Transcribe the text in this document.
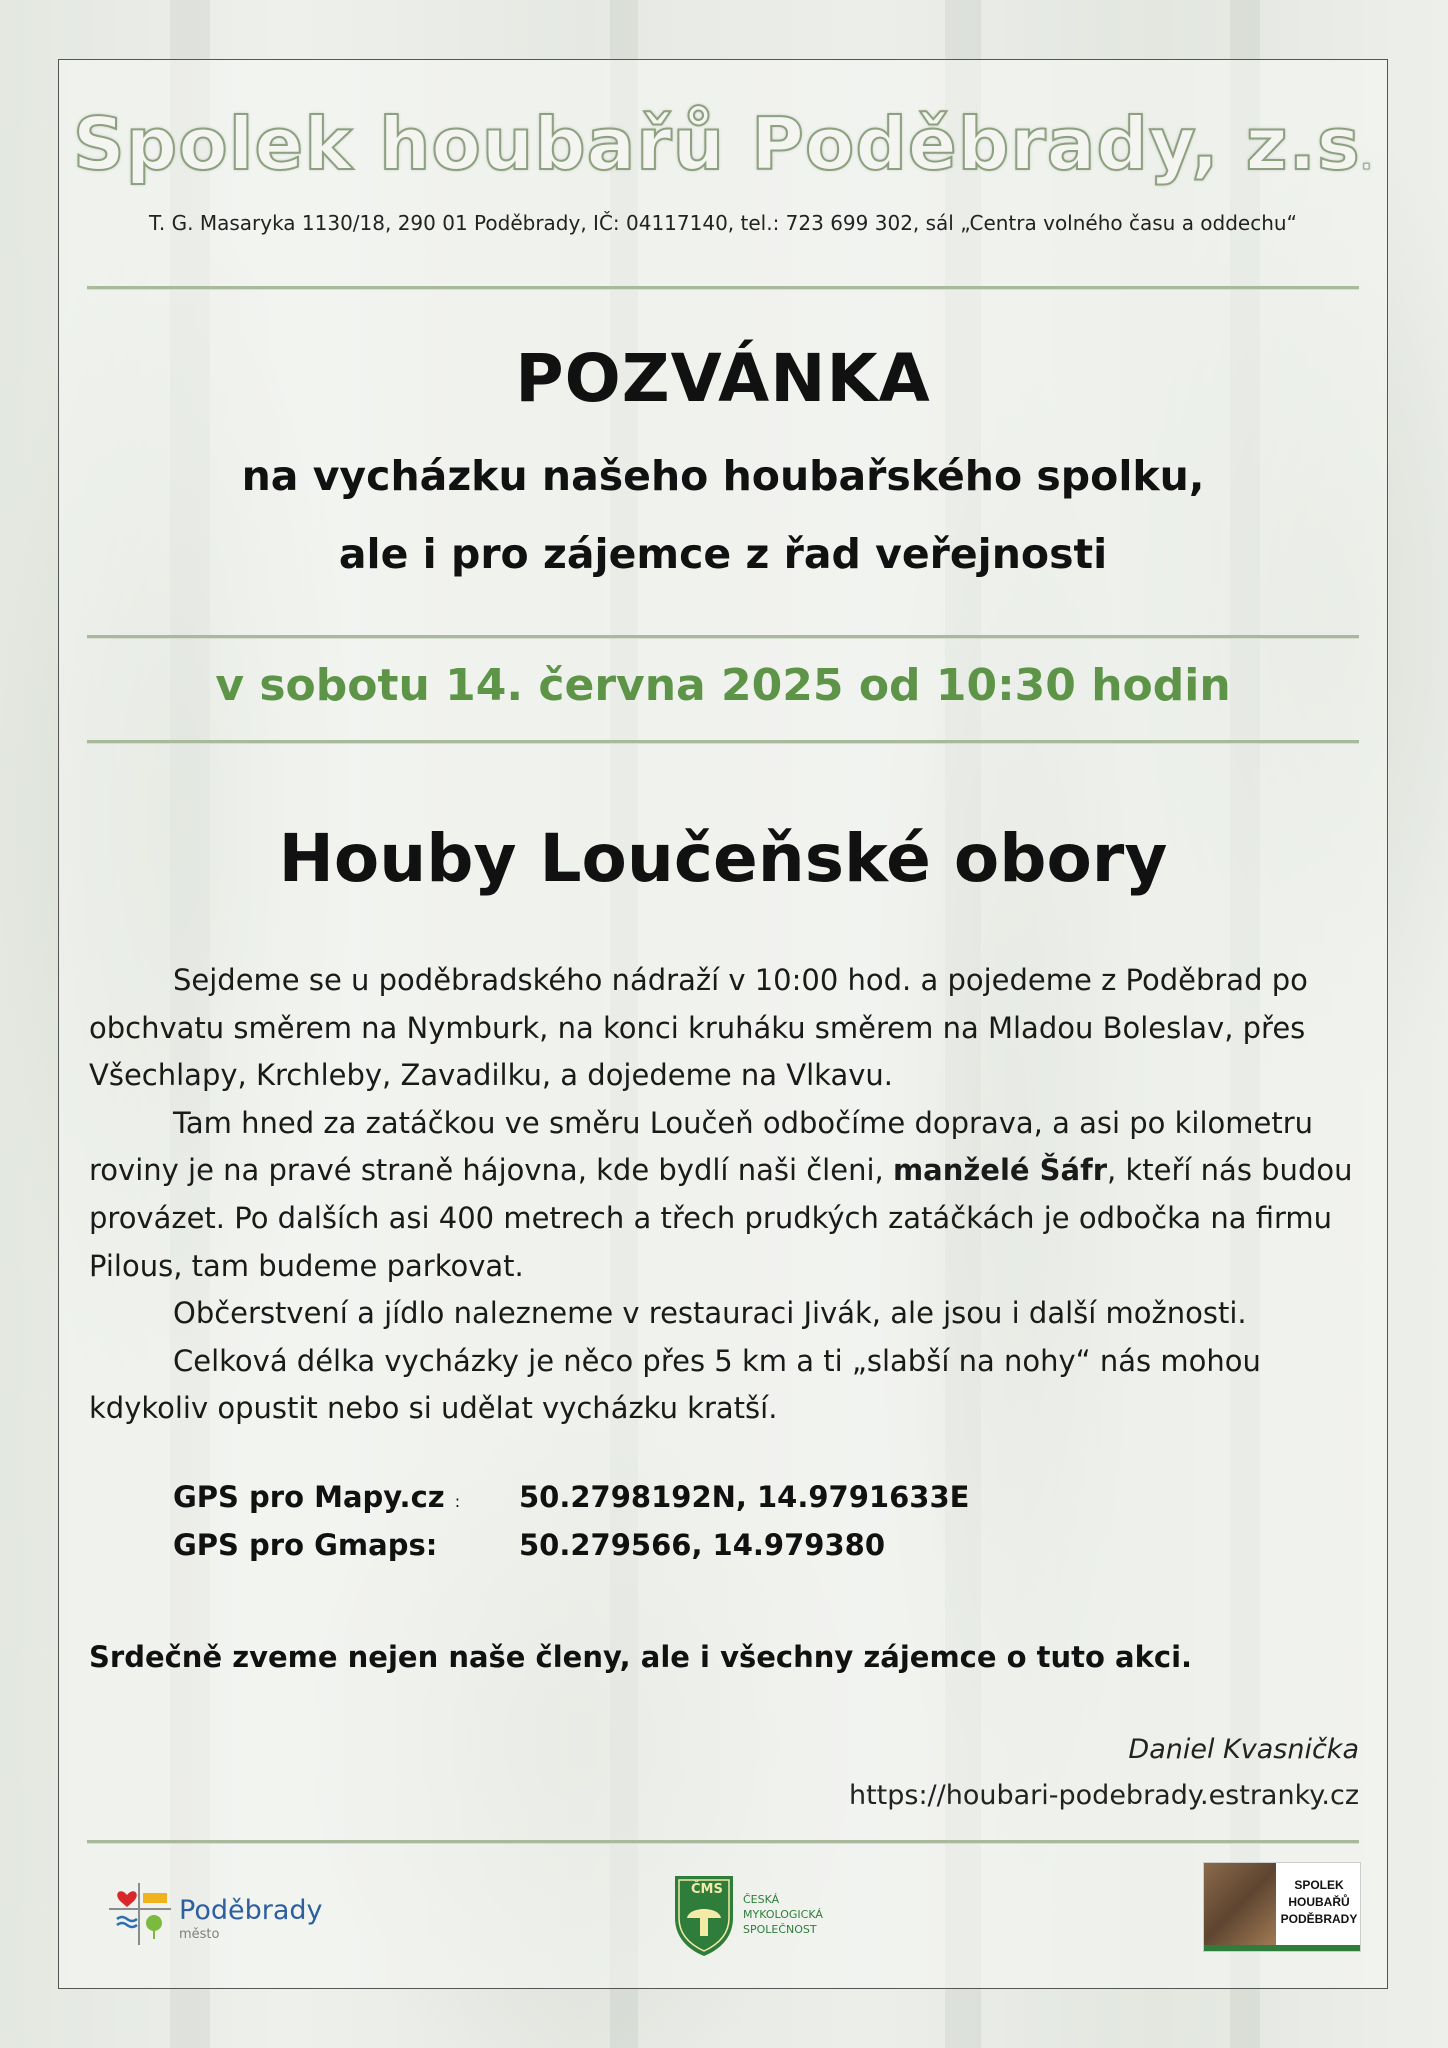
Spolek houbařů Poděbrady, z.s.
T. G. Masaryka 1130/18, 290 01 Poděbrady, IČ: 04117140, tel.: 723 699 302, sál „Centra volného času a oddechu“
POZVÁNKA
na vycházku našeho houbařského spolku,
ale i pro zájemce z řad veřejnosti
v sobotu 14. června 2025 od 10:30 hodin
Houby Loučeňské obory

Sejdeme se u poděbradského nádraží v 10:00 hod. a pojedeme z Poděbrad po obchvatu směrem na Nymburk, na konci kruháku směrem na Mladou Boleslav, přes Všechlapy, Krchleby, Zavadilku, a dojedeme na Vlkavu.

Tam hned za zatáčkou ve směru Loučeň odbočíme doprava, a asi po kilometru roviny je na pravé straně hájovna, kde bydlí naši členi, manželé Šáfr, kteří nás budou provázet. Po dalších asi 400 metrech a třech prudkých zatáčkách je odbočka na firmu Pilous, tam budeme parkovat.

Občerstvení a jídlo nalezneme v restauraci Jivák, ale jsou i další možnosti.

Celková délka vycházky je něco přes 5 km a ti „slabší na nohy“ nás mohou kdykoliv opustit nebo si udělat vycházku kratší.

GPS pro Mapy.cz : 50.2798192N, 14.9791633E
GPS pro Gmaps:	50.279566, 14.979380
Srdečně zveme nejen naše členy, ale i všechny zájemce o tuto akci.
Daniel Kvasnička
https://houbari-podebrady.estranky.cz
Poděbrady
město
ČMS
ČESKÁ
MYKOLOGICKÁ
SPOLEČNOST
SPOLEK
HOUBAŘŮ
PODĚBRADY
